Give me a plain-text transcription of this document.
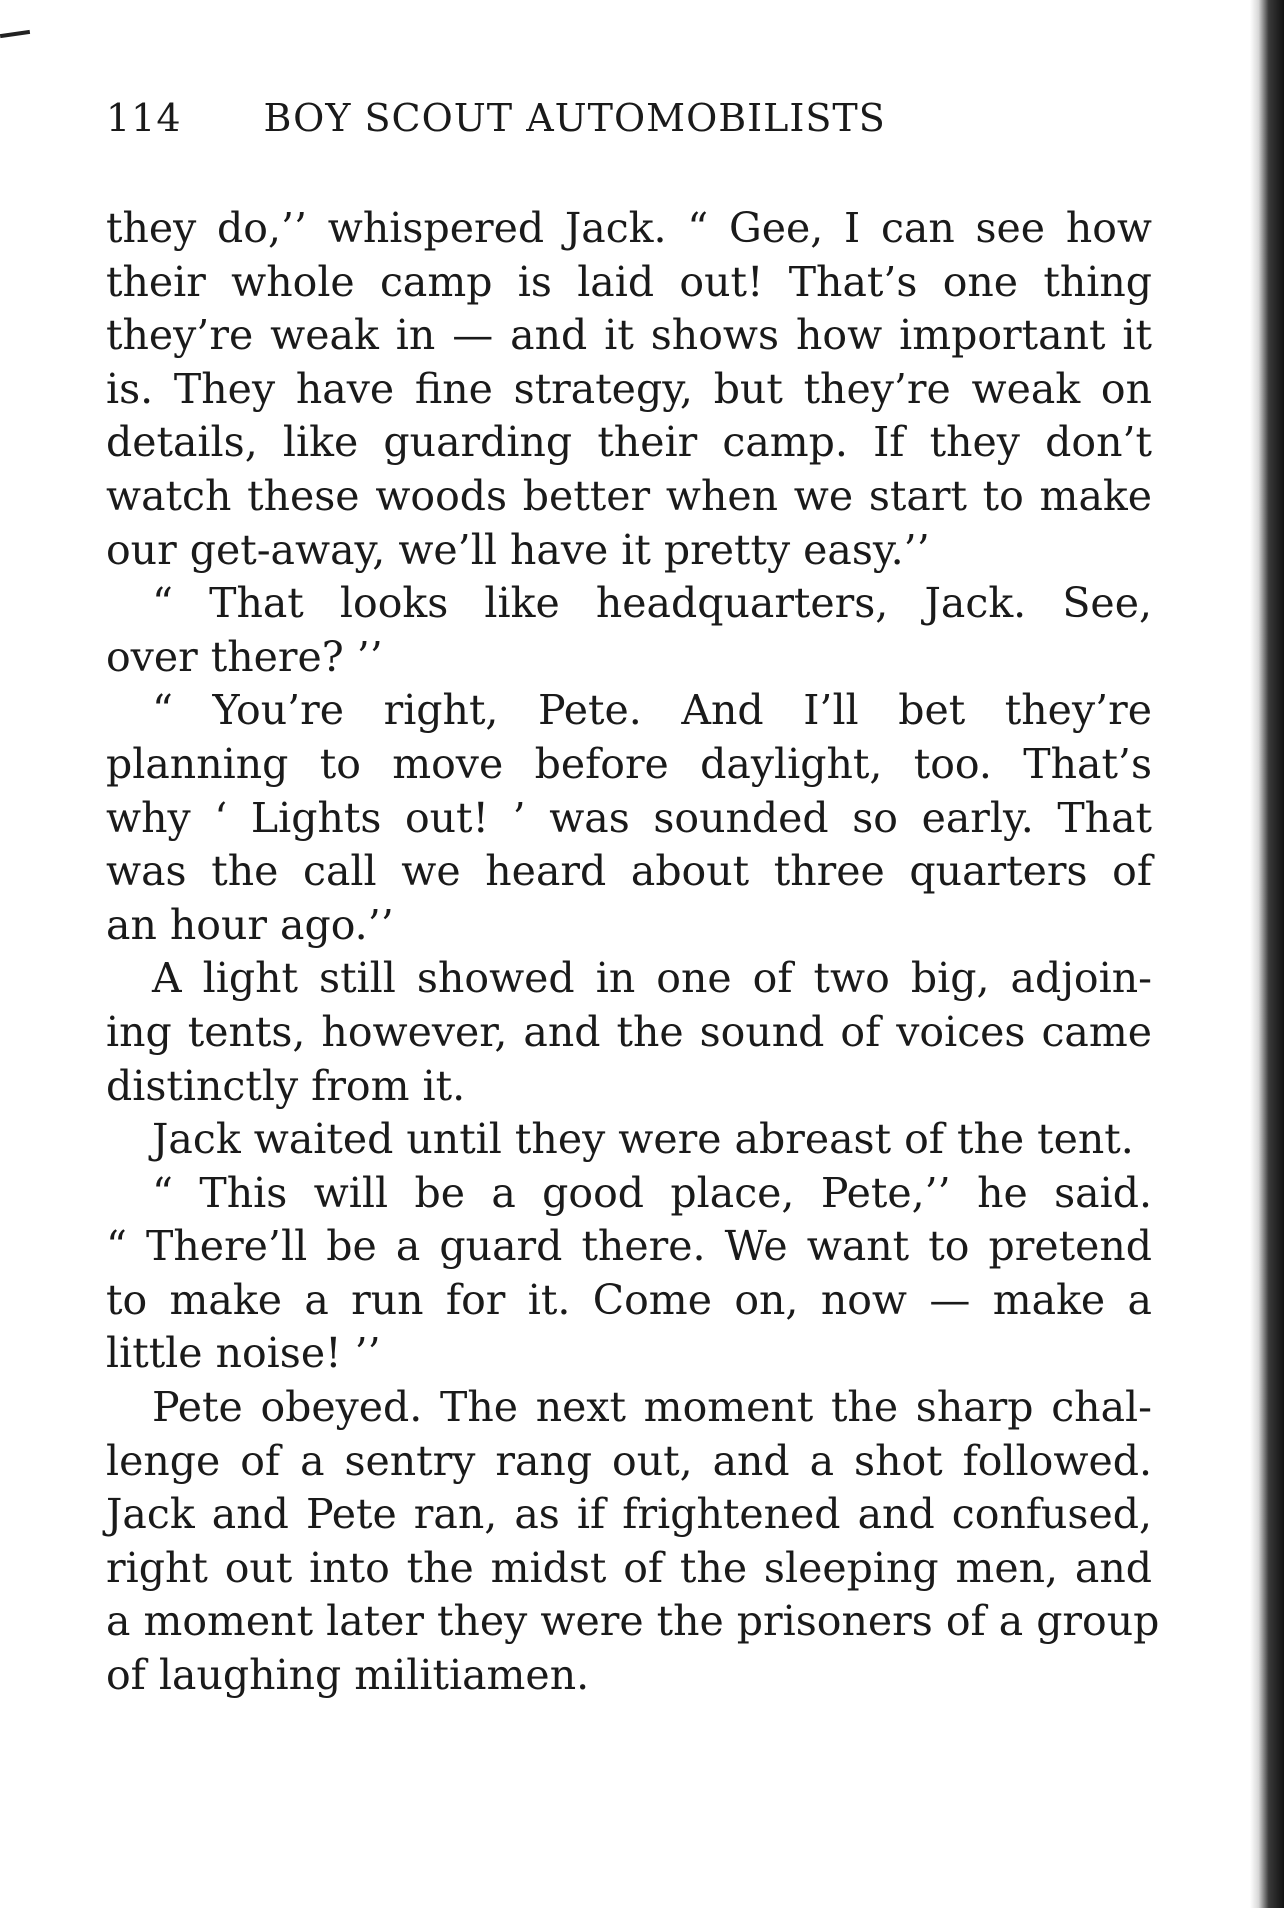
114 BOY SCOUT AUTOMOBILISTS
they do,’’ whispered Jack. “ Gee, I can see how
their whole camp is laid out! That’s one thing
they’re weak in — and it shows how important it
is. They have fine strategy, but they’re weak on
details, like guarding their camp. If they don’t
watch these woods better when we start to make
our get-away, we’ll have it pretty easy.’’
“ That looks like headquarters, Jack. See,
over there? ’’
“ You’re right, Pete. And I’ll bet they’re
planning to move before daylight, too. That’s
why ‘ Lights out! ’ was sounded so early. That
was the call we heard about three quarters of
an hour ago.’’
A light still showed in one of two big, adjoin-
ing tents, however, and the sound of voices came
distinctly from it.
Jack waited until they were abreast of the tent.
“ This will be a good place, Pete,’’ he said.
“ There’ll be a guard there. We want to pretend
to make a run for it. Come on, now — make a
little noise! ’’
Pete obeyed. The next moment the sharp chal-
lenge of a sentry rang out, and a shot followed.
Jack and Pete ran, as if frightened and confused,
right out into the midst of the sleeping men, and
a moment later they were the prisoners of a group
of laughing militiamen.
